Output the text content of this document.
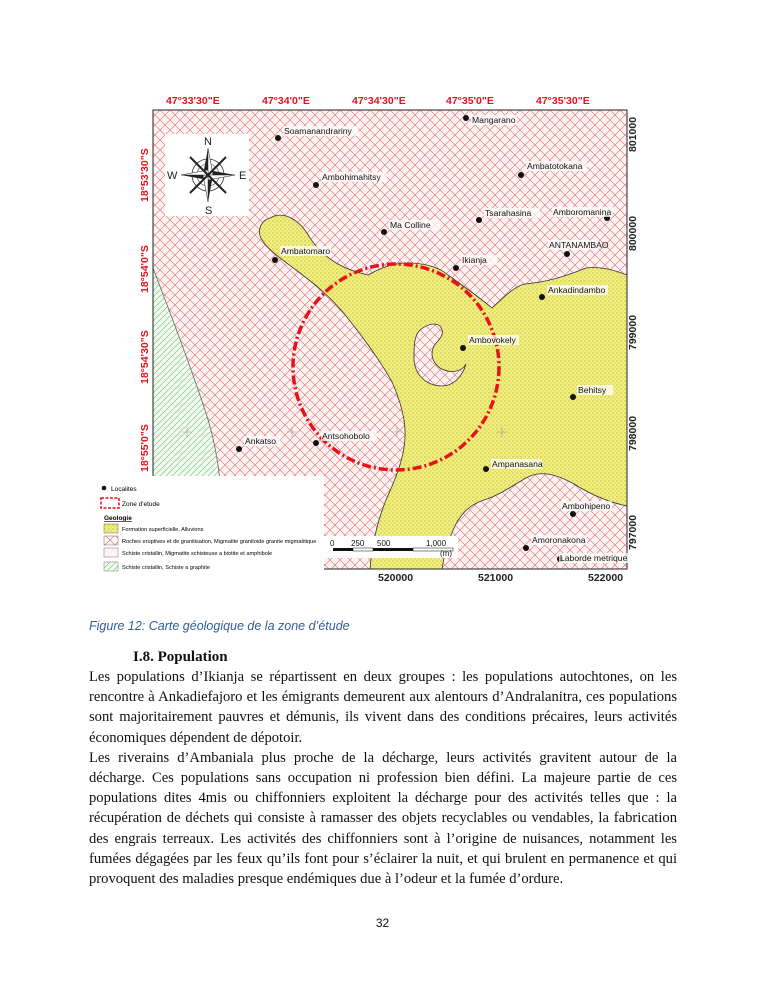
47°33'30"E	47°34'0"E	47°34'30"E	47°35'0"E	47°35'30"E
18°53'30"S
18°54'0"S
18°54'30"S
18°55'0"S
801000
800000
799000
798000
797000
520000	521000	522000
N
S
E
W
Soamanandrariny
Mangarano
Ambohimahitsy
Ambatotokana
Ma Colline
Tsarahasina	Amboromanina
ANTANAMBAO
Ambatomaro
Ikianja
Ankadindambo
Ambovokely
Behitsy
Ankatso	Antsohobolo
Ampanasana
Ambohipeno
Amoronakona
Laborde metrique
Localites
Zone d'etude
Geologie
Formation superficielle, Alluvions
Roches eruptives et de granitisation, Migmatite granitoide granite migmatitique
Schiste cristallin, Migmatite schisteuse a biotite et amphibole
Schiste cristallin, Schiste a graphite
0 250 500	1,000
(m)
Figure 12: Carte géologique de la zone d’étude
I.8. Population

Les populations d’Ikianja se répartissent en deux groupes : les populations autochtones, on les rencontre à Ankadiefajoro et les émigrants demeurent aux alentours d’Andralanitra, ces populations sont majoritairement pauvres et démunis, ils vivent dans des conditions précaires, leurs activités économiques dépendent de dépotoir.

Les riverains d’Ambaniala plus proche de la décharge, leurs activités gravitent autour de la décharge. Ces populations sans occupation ni profession bien défini. La majeure partie de ces populations dites 4mis ou chiffonniers exploitent la décharge pour des activités telles que : la récupération de déchets qui consiste à ramasser des objets recyclables ou vendables, la fabrication des engrais terreaux. Les activités des chiffonniers sont à l’origine de nuisances, notamment les fumées dégagées par les feux qu’ils font pour s’éclairer la nuit, et qui brulent en permanence et qui provoquent des maladies presque endémiques due à l’odeur et la fumée d’ordure.

32
